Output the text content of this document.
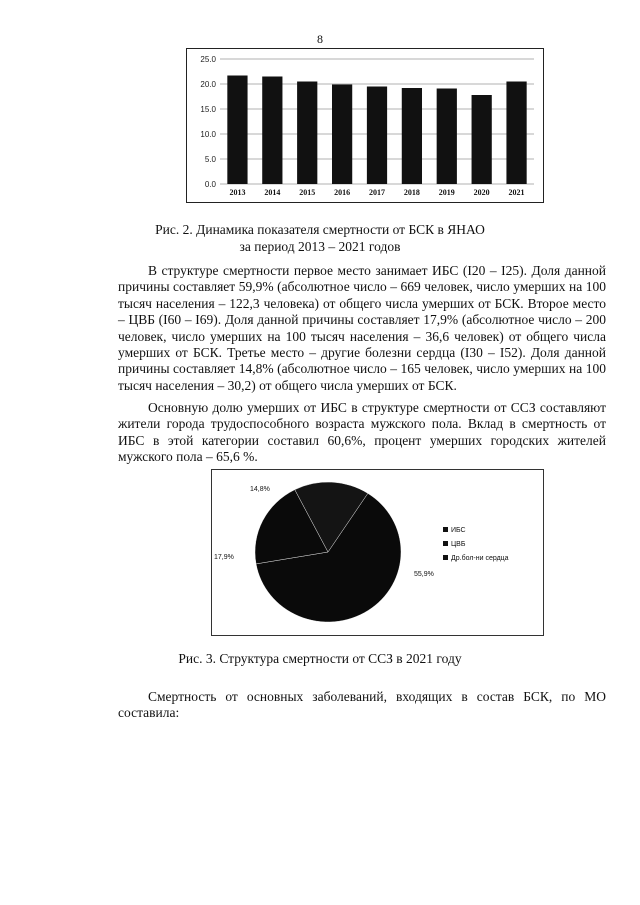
8
0.0
5.0
10.0
15.0
20.0
25.0
2013 2014 2015 2016 2017 2018 2019 2020 2021
Рис. 2. Динамика показателя смертности от БСК в ЯНАО
за период 2013 – 2021 годов

В структуре смертности первое место занимает ИБС (I20 – I25). Доля данной причины составляет 59,9% (абсолютное число – 669 человек, число умерших на 100 тысяч населения – 122,3 человека) от общего числа умерших от БСК. Второе место – ЦВБ (I60 – I69). Доля данной причины составляет 17,9% (абсолютное число – 200 человек, число умерших на 100 тысяч населения – 36,6 человек) от общего числа умерших от БСК. Третье место – другие болезни сердца (I30 – I52). Доля данной причины составляет 14,8% (абсолютное число – 165 человек, число умерших на 100 тысяч населения – 30,2) от общего числа умерших от БСК.

Основную долю умерших от ИБС в структуре смертности от ССЗ составляют жители города трудоспособного возраста мужского пола. Вклад в смертность от ИБС в этой категории составил 60,6%, процент умерших городских жителей мужского пола – 65,6 %.

55,9%
17,9%
14,8%
ИБС
ЦВБ
Др.бол-ни сердца
Рис. 3. Структура смертности от ССЗ в 2021 году

Смертность от основных заболеваний, входящих в состав БСК, по МО составила:
